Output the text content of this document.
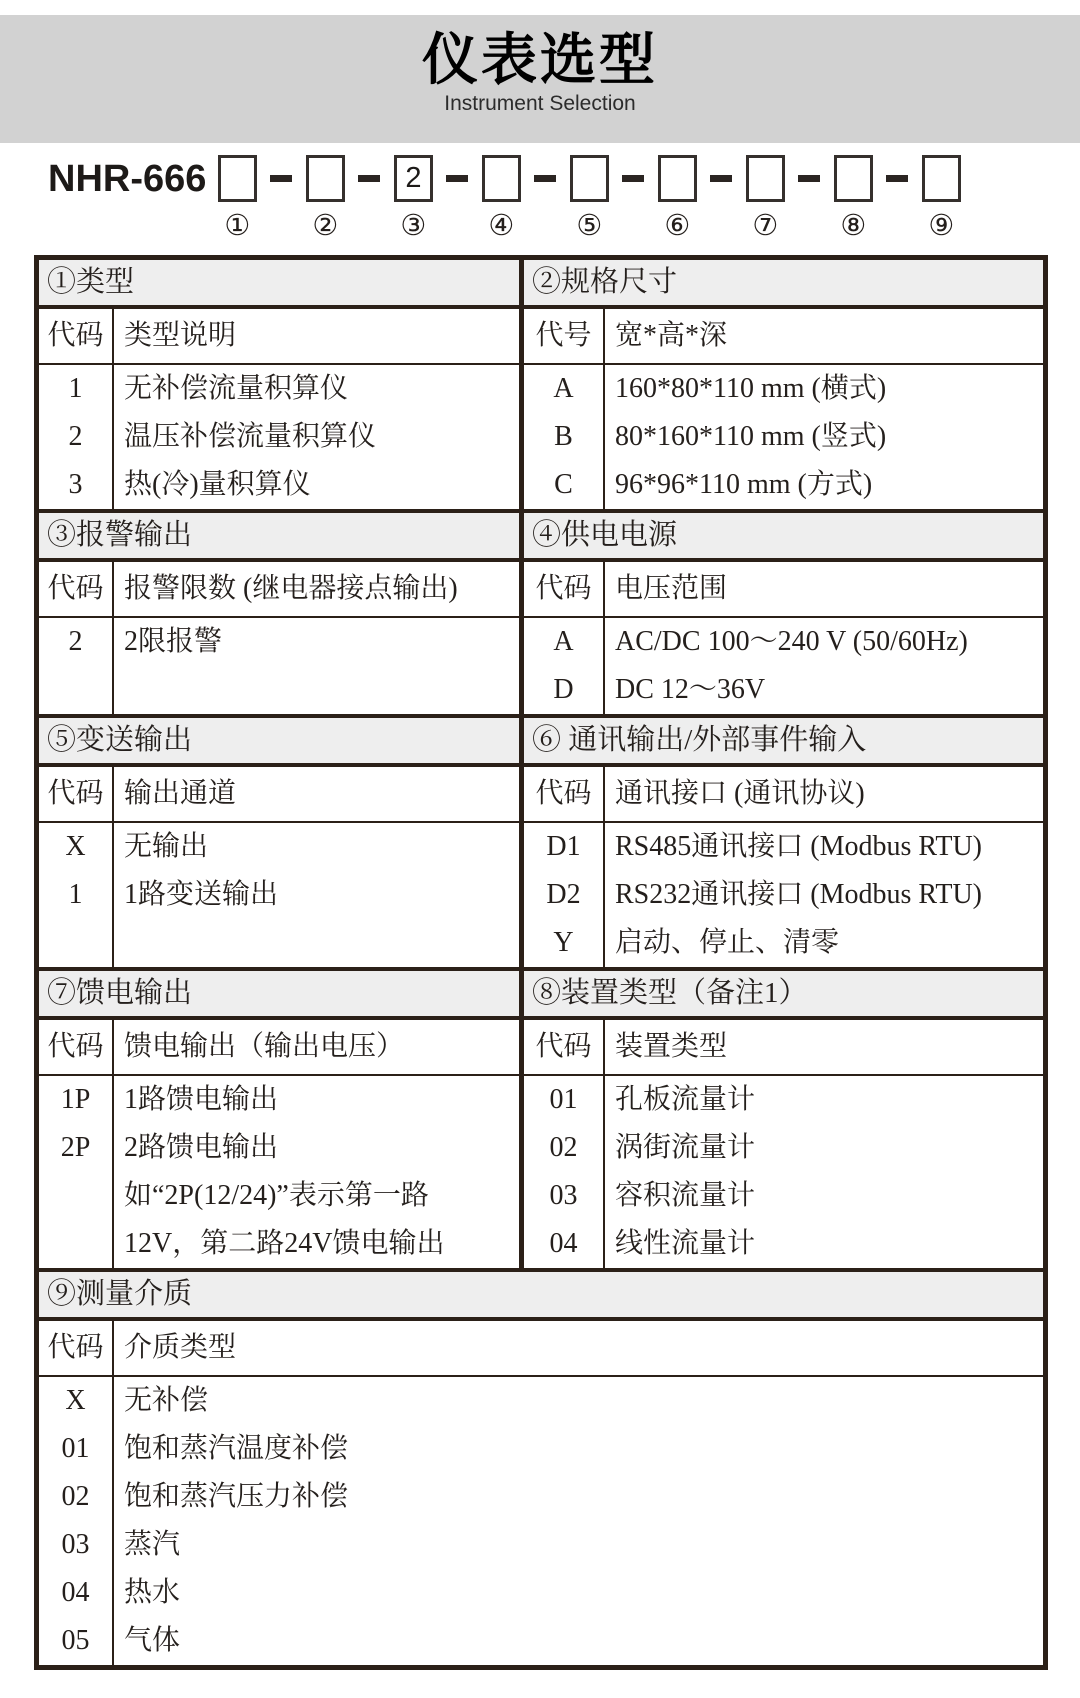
仪表选型
Instrument Selection
NHR-666
① ②
2
③ ④ ⑤ ⑥ ⑦ ⑧ ⑨
①类型
代码 类型说明
1	无补偿流量积算仪
2	温压补偿流量积算仪
3	热(冷)量积算仪
②规格尺寸
代号 宽*高*深
A	160*80*110 mm (横式)
B	80*160*110 mm (竖式)
C	96*96*110 mm (方式)
③报警输出
代码 报警限数 (继电器接点输出)
2	2限报警
④供电电源
代码 电压范围
A	AC/DC 100～240 V (50/60Hz)
D	DC 12～36V
⑤变送输出
代码 输出通道
X	无输出
1	1路变送输出
⑥ 通讯输出/外部事件输入
代码 通讯接口 (通讯协议)
D1	RS485通讯接口 (Modbus RTU)
D2	RS232通讯接口 (Modbus RTU)
Y	启动、停止、清零
⑦馈电输出
代码 馈电输出（输出电压）
1P	1路馈电输出
2P	2路馈电输出
如“2P(12/24)”表示第一路
12V，第二路24V馈电输出
⑧装置类型（备注1）
代码 装置类型
01	孔板流量计
02	涡街流量计
03	容积流量计
04	线性流量计
⑨测量介质
代码 介质类型
X	无补偿
01	饱和蒸汽温度补偿
02	饱和蒸汽压力补偿
03	蒸汽
04	热水
05	气体
